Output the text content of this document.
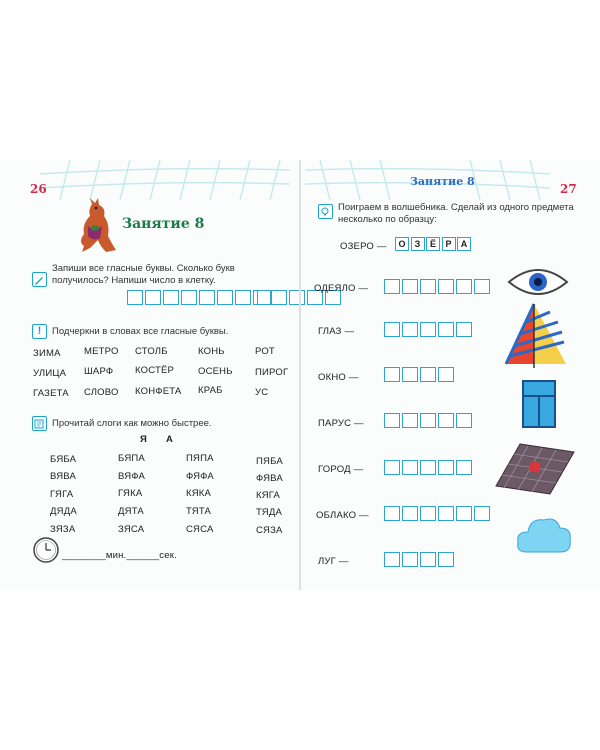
26
Занятие 8
Запиши все гласные буквы. Сколько букв получилось? Напиши число в клетку.
!	Подчеркни в словах все гласные буквы.
ЗИМА МЕТРО СТОЛБ	КОНЬ	РОТ
УЛИЦА ШАРФ КОСТЁР	ОСЕНЬ ПИРОГ
ГАЗЕТА СЛОВО КОНФЕТА КРАБ	УС
Прочитай слоги как можно быстрее.
Я А
БЯБА	БЯПА	ПЯПА	ПЯБА
ВЯВА	ВЯФА	ФЯФА	ФЯВА
ГЯГА	ГЯКА	КЯКА	КЯГА
ДЯДА	ДЯТА	ТЯТА	ТЯДА
ЗЯЗА	ЗЯСА	СЯСА	СЯЗА
________мин.______сек.
Занятие 8
27
Поиграем в волшебника. Сделай из одного предмета несколько по образцу:
ОЗЕРО —	О	З	Ё	Р	А
ОДЕЯЛО —
ГЛАЗ —
ОКНО —
ПАРУС —
ГОРОД —
ОБЛАКО —
ЛУГ —
